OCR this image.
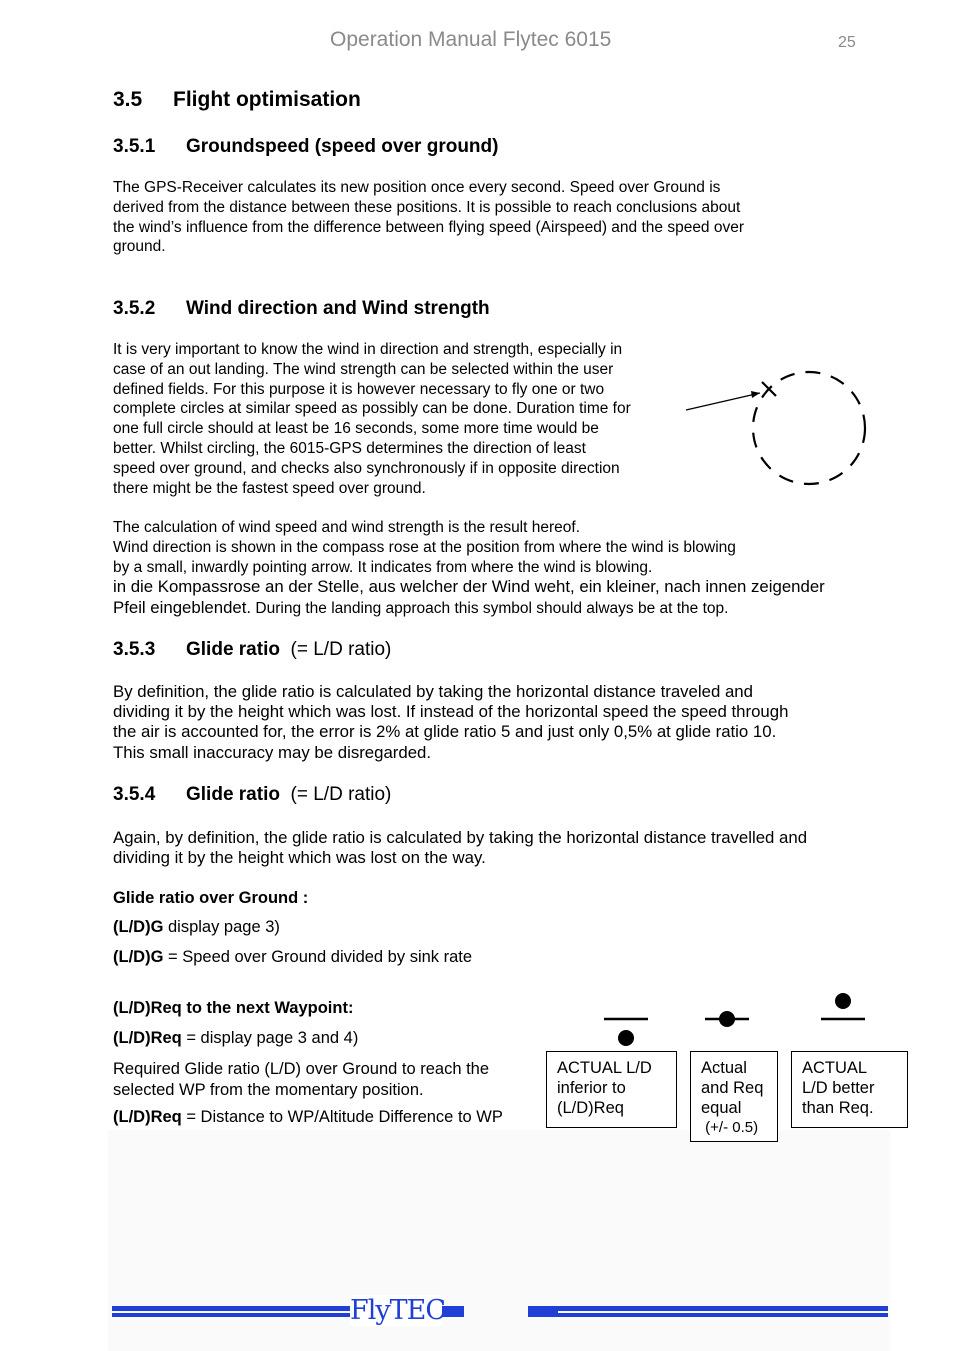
Operation Manual Flytec 6015	25
3.5 Flight optimisation
3.5.1 Groundspeed (speed over ground)
The GPS-Receiver calculates its new position once every second. Speed over Ground is
derived from the distance between these positions. It is possible to reach conclusions about
the wind’s influence from the difference between flying speed (Airspeed) and the speed over
ground.
3.5.2 Wind direction and Wind strength
It is very important to know the wind in direction and strength, especially in
case of an out landing. The wind strength can be selected within the user
defined fields. For this purpose it is however necessary to fly one or two
complete circles at similar speed as possibly can be done. Duration time for
one full circle should at least be 16 seconds, some more time would be
better. Whilst circling, the 6015-GPS determines the direction of least
speed over ground, and checks also synchronously if in opposite direction
there might be the fastest speed over ground.
The calculation of wind speed and wind strength is the result hereof.
Wind direction is shown in the compass rose at the position from where the wind is blowing
by a small, inwardly pointing arrow. It indicates from where the wind is blowing.
in die Kompassrose an der Stelle, aus welcher der Wind weht, ein kleiner, nach innen zeigender
Pfeil eingeblendet. During the landing approach this symbol should always be at the top.
3.5.3 Glide ratio (= L/D ratio)
By definition, the glide ratio is calculated by taking the horizontal distance traveled and
dividing it by the height which was lost. If instead of the horizontal speed the speed through
the air is accounted for, the error is 2% at glide ratio 5 and just only 0,5% at glide ratio 10.
This small inaccuracy may be disregarded.
3.5.4 Glide ratio (= L/D ratio)
Again, by definition, the glide ratio is calculated by taking the horizontal distance travelled and
dividing it by the height which was lost on the way.
Glide ratio over Ground :
(L/D)G display page 3)
(L/D)G = Speed over Ground divided by sink rate
(L/D)Req to the next Waypoint:
(L/D)Req = display page 3 and 4)
Required Glide ratio (L/D) over Ground to reach the
selected WP from the momentary position.
(L/D)Req = Distance to WP/Altitude Difference to WP
ACTUAL L/D
inferior to
(L/D)Req
Actual
and Req
equal
(+/- 0.5)
ACTUAL
L/D better
than Req.
FlyTEC
